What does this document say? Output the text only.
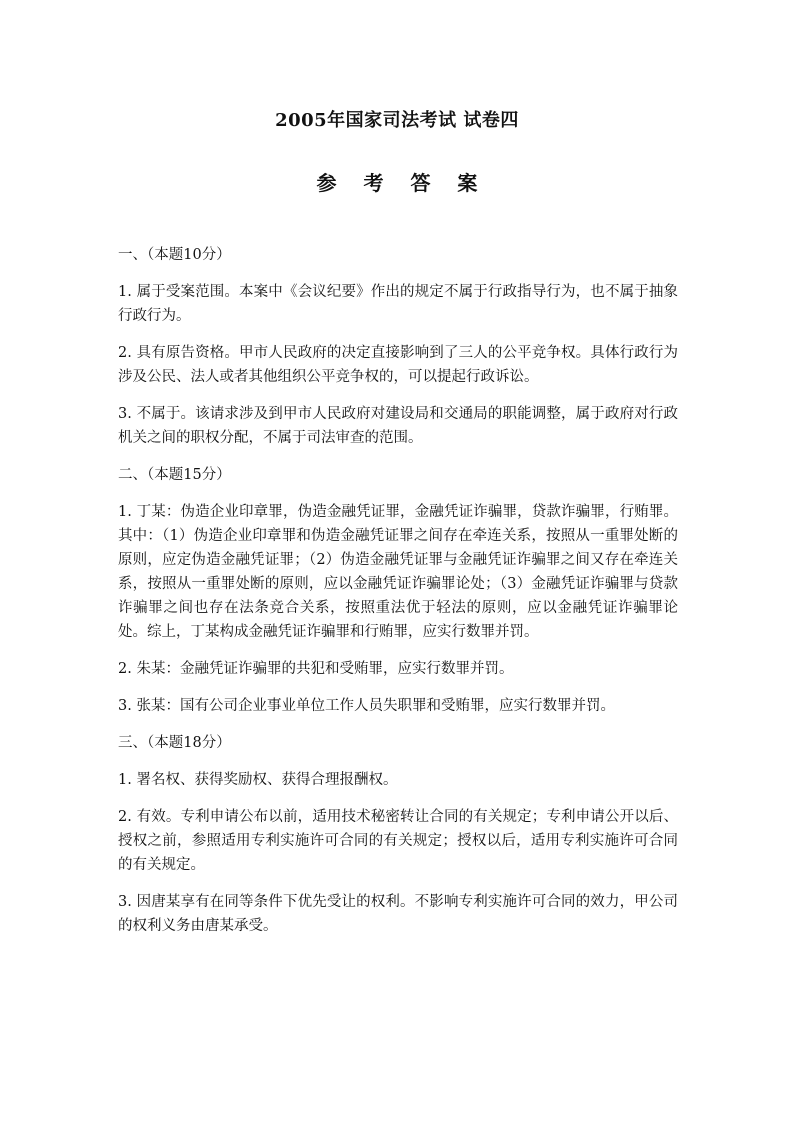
2005年国家司法考试 试卷四
参 考 答 案
一、（本题10分）

1. 属于受案范围。本案中《会议纪要》作出的规定不属于行政指导行为，也不属于抽象行政行为。

2. 具有原告资格。甲市人民政府的决定直接影响到了三人的公平竞争权。具体行政行为涉及公民、法人或者其他组织公平竞争权的，可以提起行政诉讼。

3. 不属于。该请求涉及到甲市人民政府对建设局和交通局的职能调整，属于政府对行政机关之间的职权分配，不属于司法审查的范围。

二、（本题15分）

1. 丁某：伪造企业印章罪，伪造金融凭证罪，金融凭证诈骗罪，贷款诈骗罪，行贿罪。其中：（1）伪造企业印章罪和伪造金融凭证罪之间存在牵连关系，按照从一重罪处断的原则，应定伪造金融凭证罪；（2）伪造金融凭证罪与金融凭证诈骗罪之间又存在牵连关系，按照从一重罪处断的原则，应以金融凭证诈骗罪论处；（3）金融凭证诈骗罪与贷款诈骗罪之间也存在法条竞合关系，按照重法优于轻法的原则，应以金融凭证诈骗罪论处。综上，丁某构成金融凭证诈骗罪和行贿罪，应实行数罪并罚。

2. 朱某：金融凭证诈骗罪的共犯和受贿罪，应实行数罪并罚。

3. 张某：国有公司企业事业单位工作人员失职罪和受贿罪，应实行数罪并罚。

三、（本题18分）

1. 署名权、获得奖励权、获得合理报酬权。

2. 有效。专利申请公布以前，适用技术秘密转让合同的有关规定；专利申请公开以后、授权之前，参照适用专利实施许可合同的有关规定；授权以后，适用专利实施许可合同的有关规定。

3. 因唐某享有在同等条件下优先受让的权利。不影响专利实施许可合同的效力，甲公司的权利义务由唐某承受。
